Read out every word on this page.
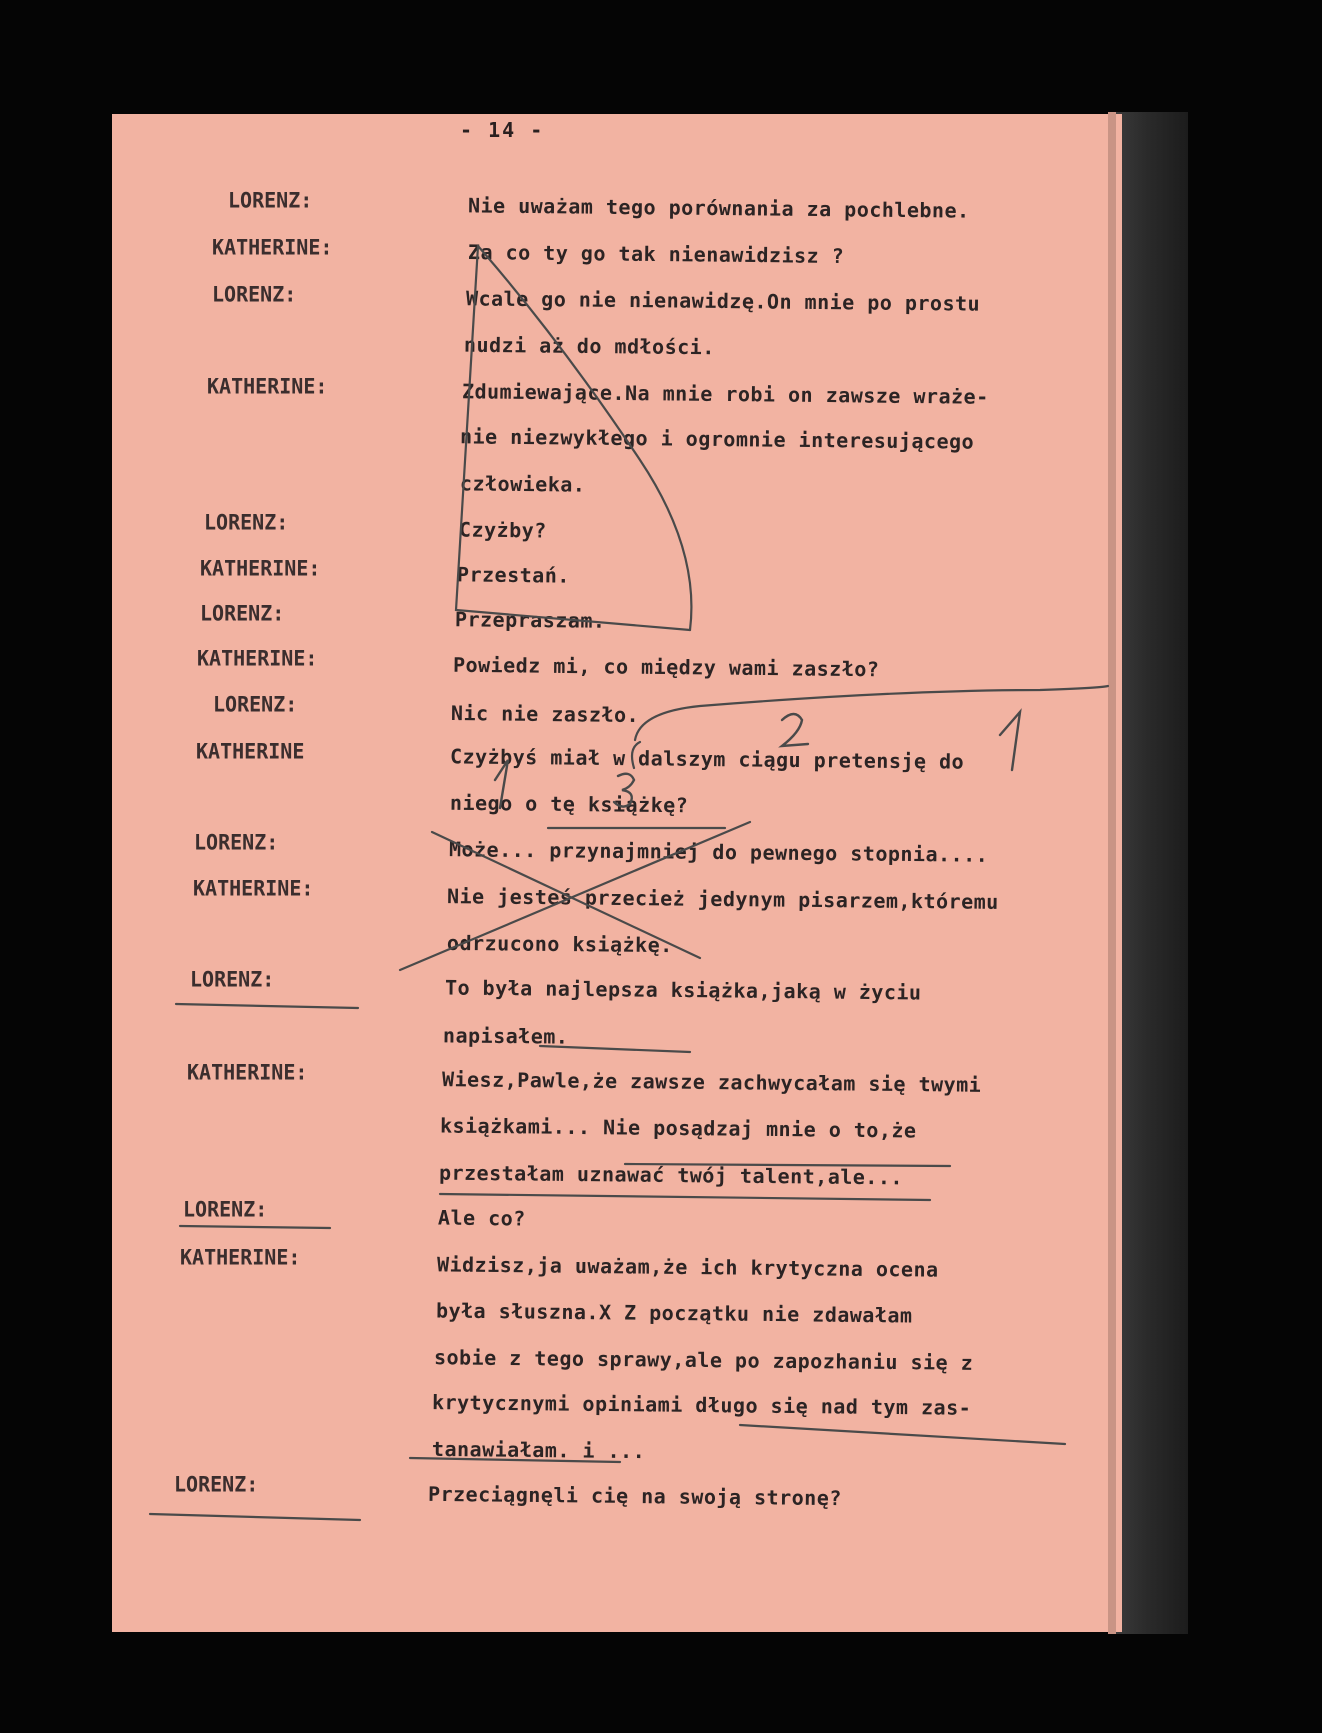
- 14 -
LORENZ:
KATHERINE:
LORENZ:
KATHERINE:
LORENZ:
KATHERINE:
LORENZ:
KATHERINE:
LORENZ:
KATHERINE
LORENZ:
KATHERINE:
LORENZ:
KATHERINE:
LORENZ:
KATHERINE:
LORENZ:
Nie uważam tego porównania za pochlebne.
Za co ty go tak nienawidzisz ?
Wcale go nie nienawidzę.On mnie po prostu
nudzi aż do mdłości.
Zdumiewające.Na mnie robi on zawsze wraże-
nie niezwykłego i ogromnie interesującego
człowieka.
Czyżby?
Przestań.
Przepraszam.
Powiedz mi, co między wami zaszło?
Nic nie zaszło.
Czyżbyś miał w dalszym ciągu pretensję do
niego o tę książkę?
Może... przynajmniej do pewnego stopnia....
Nie jesteś przecież jedynym pisarzem,któremu
odrzucono książkę.
To była najlepsza książka,jaką w życiu
napisałem.
Wiesz,Pawle,że zawsze zachwycałam się twymi
książkami... Nie posądzaj mnie o to,że
przestałam uznawać twój talent,ale...
Ale co?
Widzisz,ja uważam,że ich krytyczna ocena
była słuszna.X Z początku nie zdawałam
sobie z tego sprawy,ale po zapozhaniu się z
krytycznymi opiniami długo się nad tym zas-
tanawiałam. i ...
Przeciągnęli cię na swoją stronę?
